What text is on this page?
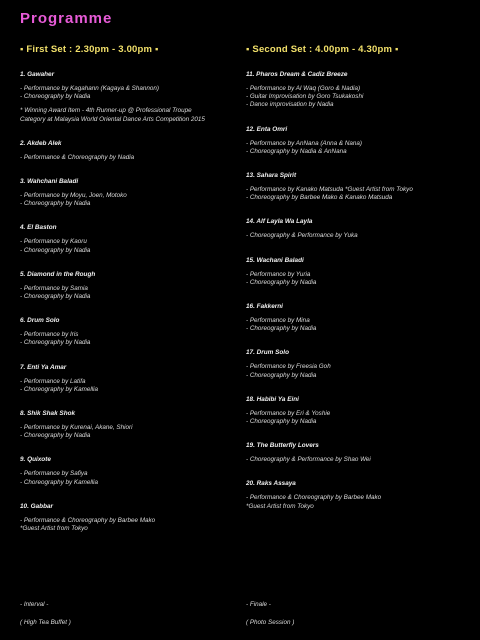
Programme
▪ First Set : 2.30pm - 3.00pm ▪
1. Gawaher
- Performance by Kagahann (Kagaya & Shannon)
- Choreography by Nadia
* Winning Award Item - 4th Runner-up @ Professional Troupe
Category at Malaysia World Oriental Dance Arts Competition 2015
2. Akdeb Alek
- Performance & Choreography by Nadia
3. Wahchani Baladi
- Performance by Moyu, Joen, Motoko
- Choreography by Nadia
4. El Baston
- Performance by Kaoru
- Choreography by Nadia
5. Diamond in the Rough
- Performance by Samia
- Choreography by Nadia
6. Drum Solo
- Performance by Iris
- Choreography by Nadia
7. Enti Ya Amar
- Performance by Latifa
- Choreography by Kamellia
8. Shik Shak Shok
- Performance by Kurenai, Akane, Shiori
- Choreography by Nadia
9. Quixote
- Performance by Safiya
- Choreography by Kamellia
10. Gabbar
- Performance & Choreography by Barbee Mako
*Guest Artist from Tokyo
▪ Second Set : 4.00pm - 4.30pm ▪
11. Pharos Dream & Cadiz Breeze
- Performance by Al Waq (Goro & Nadia)
- Guitar Improvisation by Goro Tsukakoshi
- Dance improvisation by Nadia
12. Enta Omri
- Performance by AnNana (Anna & Nana)
- Choreography by Nadia & AnNana
13. Sahara Spirit
- Performance by Kanako Matsuda *Guest Artist from Tokyo
- Choreography by Barbee Mako & Kanako Matsuda
14. Alf Layla Wa Layla
- Choreography & Performance by Yuka
15. Wachani Baladi
- Performance by Yuria
- Choreography by Nadia
16. Fakkerni
- Performance by Mina
- Choreography by Nadia
17. Drum Solo
- Performance by Freesia Goh
- Choreography by Nadia
18. Habibi Ya Eini
- Performance by Eri & Yoshie
- Choreography by Nadia
19. The Butterfly Lovers
- Choreography & Performance by Shao Wei
20. Raks Assaya
- Performance & Choreography by Barbee Mako
*Guest Artist from Tokyo
- Interval -
( High Tea Buffet )
- Finale -
( Photo Session )
